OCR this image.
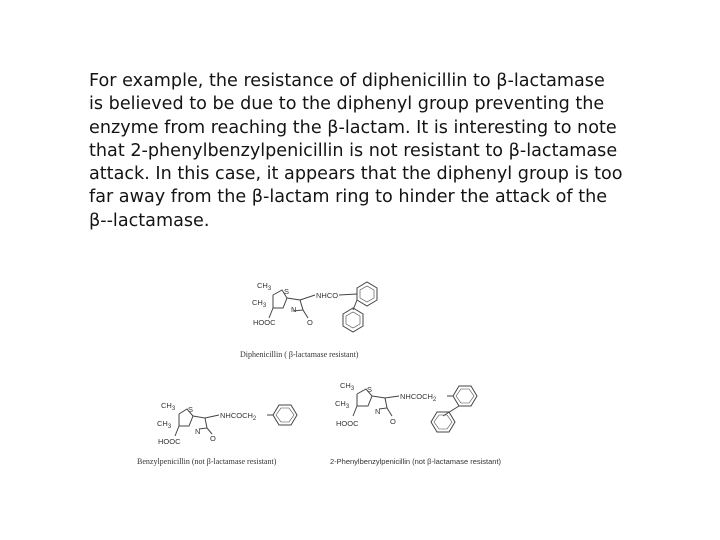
For example, the resistance of diphenicillin to β-lactamase
is believed to be due to the diphenyl group preventing the
enzyme from reaching the β-lactam. It is interesting to note
that 2-phenylbenzylpenicillin is not resistant to β-lactamase
attack. In this case, it appears that the diphenyl group is too
far away from the β-lactam ring to hinder the attack of the
β--lactamase.
$CH_3$
$CH_3$
HOOC
S
N
O
NHCO
Diphenicillin ( β-lactamase resistant)
$CH_3$
$CH_3$
HOOC
S
N
O
$NHCOCH_2$
Benzylpenicillin (not β-lactamase resistant)
$CH_3$
$CH_3$
HOOC
S
N
O
$NHCOCH_2$
2-Phenylbenzylpenicillin (not β-lactamase resistant)
